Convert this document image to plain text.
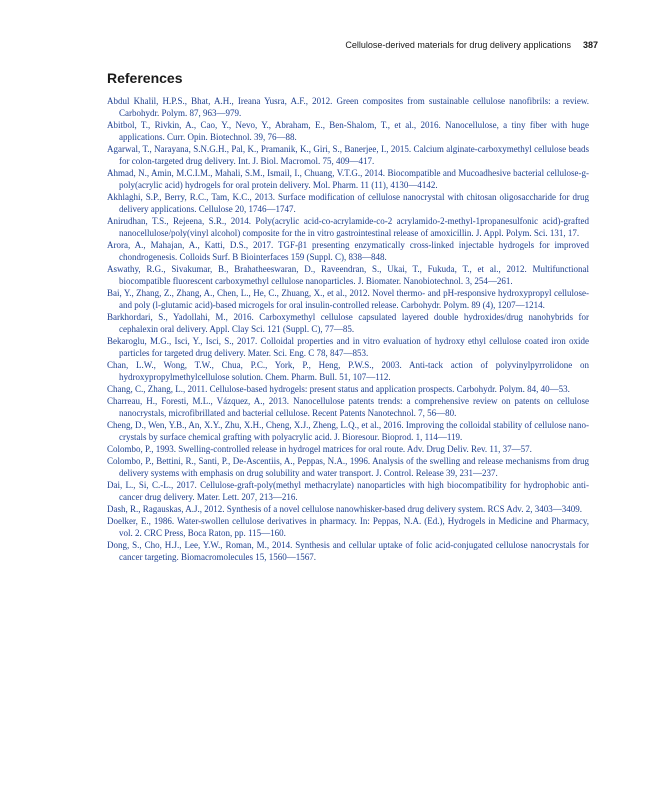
Cellulose-derived materials for drug delivery applications 387
References
Abdul Khalil, H.P.S., Bhat, A.H., Ireana Yusra, A.F., 2012. Green composites from sustainable cellulose nanofibrils: a review. Carbohydr. Polym. 87, 963—979.
Abitbol, T., Rivkin, A., Cao, Y., Nevo, Y., Abraham, E., Ben-Shalom, T., et al., 2016. Nanocellulose, a tiny fiber with huge applications. Curr. Opin. Biotechnol. 39, 76—88.
Agarwal, T., Narayana, S.N.G.H., Pal, K., Pramanik, K., Giri, S., Banerjee, I., 2015. Calcium alginate-carboxymethyl cellulose beads for colon-targeted drug delivery. Int. J. Biol. Macromol. 75, 409—417.
Ahmad, N., Amin, M.C.I.M., Mahali, S.M., Ismail, I., Chuang, V.T.G., 2014. Biocompatible and Mucoadhesive bacterial cellulose-g-poly(acrylic acid) hydrogels for oral protein delivery. Mol. Pharm. 11 (11), 4130—4142.
Akhlaghi, S.P., Berry, R.C., Tam, K.C., 2013. Surface modification of cellulose nanocrystal with chitosan oligosaccharide for drug delivery applications. Cellulose 20, 1746—1747.
Anirudhan, T.S., Rejeena, S.R., 2014. Poly(acrylic acid-co-acrylamide-co-2 acrylamido-2-methyl-1propanesulfonic acid)-grafted nanocellulose/poly(vinyl alcohol) composite for the in vitro gastrointestinal release of amoxicillin. J. Appl. Polym. Sci. 131, 17.
Arora, A., Mahajan, A., Katti, D.S., 2017. TGF-β1 presenting enzymatically cross-linked injectable hydrogels for improved chondrogenesis. Colloids Surf. B Biointerfaces 159 (Suppl. C), 838—848.
Aswathy, R.G., Sivakumar, B., Brahatheeswaran, D., Raveendran, S., Ukai, T., Fukuda, T., et al., 2012. Multifunctional biocompatible fluorescent carboxymethyl cellulose nanoparticles. J. Biomater. Nanobiotechnol. 3, 254—261.
Bai, Y., Zhang, Z., Zhang, A., Chen, L., He, C., Zhuang, X., et al., 2012. Novel thermo- and pH-responsive hydroxypropyl cellulose- and poly (l-glutamic acid)-based microgels for oral insulin-controlled release. Carbohydr. Polym. 89 (4), 1207—1214.
Barkhordari, S., Yadollahi, M., 2016. Carboxymethyl cellulose capsulated layered double hydroxides/drug nanohybrids for cephalexin oral delivery. Appl. Clay Sci. 121 (Suppl. C), 77—85.
Bekaroglu, M.G., Isci, Y., Isci, S., 2017. Colloidal properties and in vitro evaluation of hydroxy ethyl cellulose coated iron oxide particles for targeted drug delivery. Mater. Sci. Eng. C 78, 847—853.
Chan, L.W., Wong, T.W., Chua, P.C., York, P., Heng, P.W.S., 2003. Anti-tack action of polyvinylpyrrolidone on hydroxypropylmethylcellulose solution. Chem. Pharm. Bull. 51, 107—112.
Chang, C., Zhang, L., 2011. Cellulose-based hydrogels: present status and application prospects. Carbohydr. Polym. 84, 40—53.
Charreau, H., Foresti, M.L., Vázquez, A., 2013. Nanocellulose patents trends: a comprehensive review on patents on cellulose nanocrystals, microfibrillated and bacterial cellulose. Recent Patents Nanotechnol. 7, 56—80.
Cheng, D., Wen, Y.B., An, X.Y., Zhu, X.H., Cheng, X.J., Zheng, L.Q., et al., 2016. Improving the colloidal stability of cellulose nano-crystals by surface chemical grafting with polyacrylic acid. J. Bioresour. Bioprod. 1, 114—119.
Colombo, P., 1993. Swelling-controlled release in hydrogel matrices for oral route. Adv. Drug Deliv. Rev. 11, 37—57.
Colombo, P., Bettini, R., Santi, P., De-Ascentiis, A., Peppas, N.A., 1996. Analysis of the swelling and release mechanisms from drug delivery systems with emphasis on drug solubility and water transport. J. Control. Release 39, 231—237.
Dai, L., Si, C.-L., 2017. Cellulose-graft-poly(methyl methacrylate) nanoparticles with high biocompatibility for hydrophobic anti-cancer drug delivery. Mater. Lett. 207, 213—216.
Dash, R., Ragauskas, A.J., 2012. Synthesis of a novel cellulose nanowhisker-based drug delivery system. RCS Adv. 2, 3403—3409.
Doelker, E., 1986. Water-swollen cellulose derivatives in pharmacy. In: Peppas, N.A. (Ed.), Hydrogels in Medicine and Pharmacy, vol. 2. CRC Press, Boca Raton, pp. 115—160.
Dong, S., Cho, H.J., Lee, Y.W., Roman, M., 2014. Synthesis and cellular uptake of folic acid-conjugated cellulose nanocrystals for cancer targeting. Biomacromolecules 15, 1560—1567.
